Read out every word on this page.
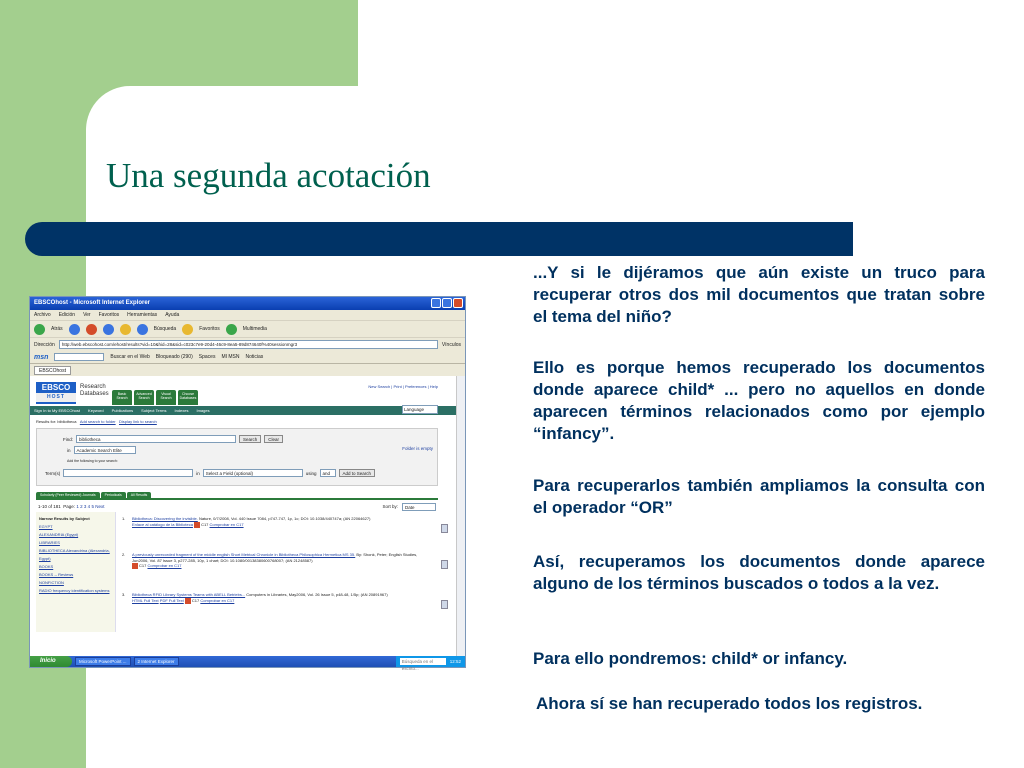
Una segunda acotación
EBSCOhost - Microsoft Internet Explorer
Archivo Edición Ver Favoritos Herramientas Ayuda
Atrás	Búsqueda	Favoritos	Multimedia
Dirección	http://web.ebscohost.com/ehost/results?vid=10&hid=28&sid=c023c7e9-20d4-46c9-8ea5-89d874640f%40sessionmgr3	Vínculos
msn	Buscar en el Web Bloqueado (290) Spaces MI MSN Noticias
EBSCOhost
EBSCO
HOST
Research Databases	Basic Search
Advanced Search
Visual Search
Choose Databases
New Search | Print | Preferences | Help
Sign In to My EBSCOhost Keyword Publications Subject Terms Indexes Images	Language
Results for: bibliotheca Add search to folder Display link to search
Find:	bibliotheca	Search	Clear
in	Academic Search Elite	Folder is empty
Add the following to your search:
Term(s)	in	Select a Field (optional)	using	and	Add to Search
Scholarly (Peer Reviewed) Journals	Periodicals	All Results
1-10 of 181
Page:
1
2
3
4
5
Next	Sort by:	Date
Narrow Results by Subject
EGYPT
ALEXANDRIA (Egypt)
LIBRARIES
BIBLIOTHECA Alexandrina (Alexandria, Egypt)
BOOKS
BOOKS -- Reviews
NONFICTION
RADIO frequency identification systems
1. Bibliotheca: Discovering the invisible. Nature, 0/7/2008, Vol. 440 Issue 7084, p747-747, 1p, 1c; DOI: 10.1038/440747a; (AN 22064627)
Enlace al catálogo de la Biblioteca C17 Comprobar en C17
2. A previously unrecorded fragment of the middle english Short Metrical Chronicle in Bibliotheca Philosophica Hermetica MS 35. By: Shonk, Peter; English Studies, Jun2006, Vol. 87 Issue 3, p277-285, 10p, 1 chart; DOI: 10.1080/00138380600768007; (AN 21248587)
C17 Comprobar en C17
3. Bibliotheca RFID Library Systems Teams with ABELL Betriebs... Computers in Libraries, May2006, Vol. 26 Issue 5, p48-48, 1/5p; (AN 20891967)
HTML Full Text PDF Full Text C17 Comprobar en C17
Inicio	Microsoft PowerPoint ...	2 Internet Explorer	Búsqueda en el escrito...
12:52

...Y si le dijéramos que aún existe un truco para recuperar otros dos mil documentos que tratan sobre el tema del niño?

Ello es porque hemos recuperado los documentos donde aparece child* ... pero no aquellos en donde aparecen términos relacionados como por ejemplo “infancy”.

Para recuperarlos también ampliamos la consulta con el operador “OR”

Así, recuperamos los documentos donde aparece alguno de los términos buscados o todos a la vez.

Para ello pondremos: child* or infancy.

Ahora sí se han recuperado todos los registros.
